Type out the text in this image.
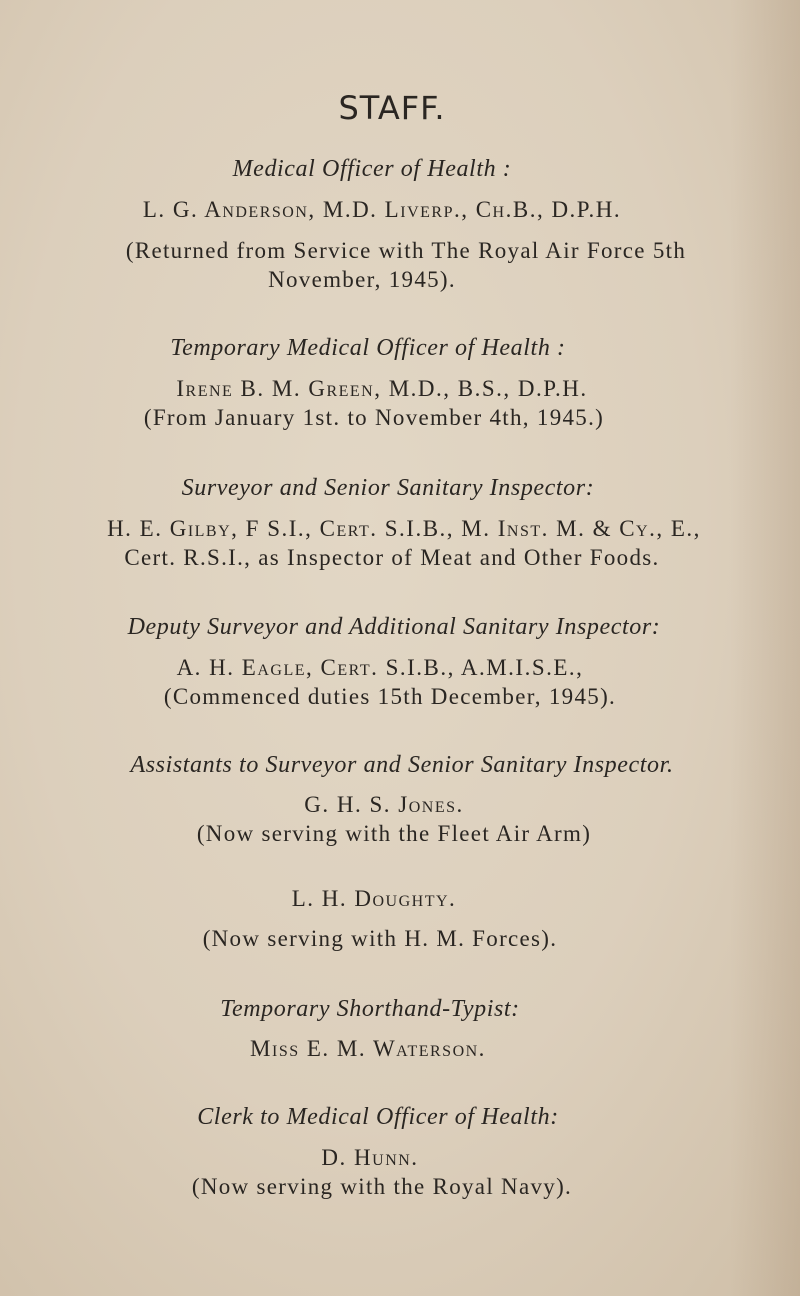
STAFF.
Medical Officer of Health :
L. G. Anderson, M.D. Liverp., Ch.B., D.P.H.
(Returned from Service with The Royal Air Force 5th
November, 1945).
Temporary Medical Officer of Health :
Irene B. M. Green, M.D., B.S., D.P.H.
(From January 1st. to November 4th, 1945.)
Surveyor and Senior Sanitary Inspector:
H. E. Gilby, F S.I., Cert. S.I.B., M. Inst. M. & Cy., E.,
Cert. R.S.I., as Inspector of Meat and Other Foods.
Deputy Surveyor and Additional Sanitary Inspector:
A. H. Eagle, Cert. S.I.B., A.M.I.S.E.,
(Commenced duties 15th December, 1945).
Assistants to Surveyor and Senior Sanitary Inspector.
G. H. S. Jones.
(Now serving with the Fleet Air Arm)
L. H. Doughty.
(Now serving with H. M. Forces).
Temporary Shorthand-Typist:
Miss E. M. Waterson.
Clerk to Medical Officer of Health:
D. Hunn.
(Now serving with the Royal Navy).
